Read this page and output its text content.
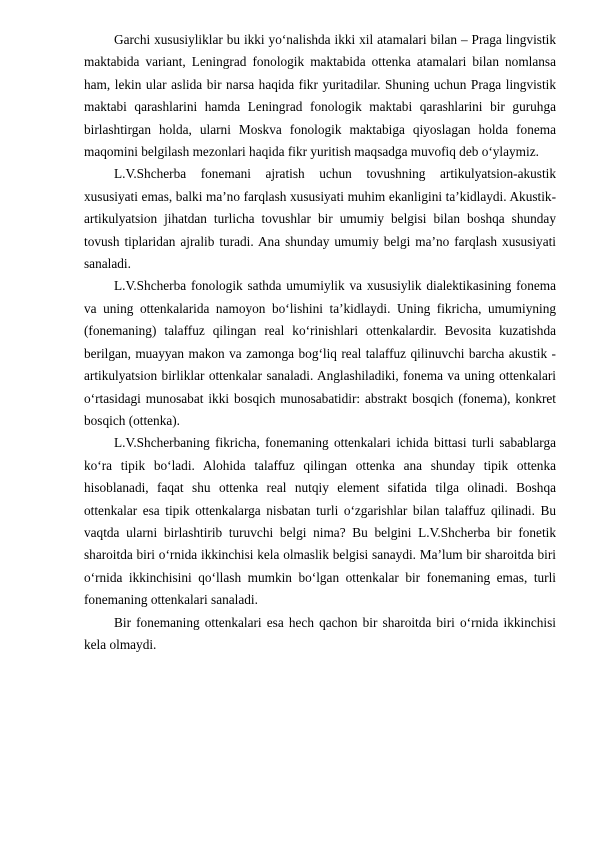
Garchi xususiyliklar bu ikki yo‘nalishda ikki xil atamalari bilan – Praga lingvistik maktabida variant, Leningrad fonologik maktabida ottenka atamalari bilan nomlansa ham, lekin ular aslida bir narsa haqida fikr yuritadilar. Shuning uchun Praga lingvistik maktabi qarashlarini hamda Leningrad fonologik maktabi qarashlarini bir guruhga birlashtirgan holda, ularni Moskva fonologik maktabiga qiyoslagan holda fonema maqomini belgilash mezonlari haqida fikr yuritish maqsadga muvofiq deb o‘ylaymiz.

L.V.Shcherba fonemani ajratish uchun tovushning artikulyatsion-akustik xususiyati emas, balki ma’no farqlash xususiyati muhim ekanligini ta’kidlaydi. Akustik-artikulyatsion jihatdan turlicha tovushlar bir umumiy belgisi bilan boshqa shunday tovush tiplaridan ajralib turadi. Ana shunday umumiy belgi ma’no farqlash xususiyati sanaladi.

L.V.Shcherba fonologik sathda umumiylik va xususiylik dialektikasining fonema va uning ottenkalarida namoyon bo‘lishini ta’kidlaydi. Uning fikricha, umumiyning (fonemaning) talaffuz qilingan real ko‘rinishlari ottenkalardir. Bevosita kuzatishda berilgan, muayyan makon va zamonga bog‘liq real talaffuz qilinuvchi barcha akustik - artikulyatsion birliklar ottenkalar sanaladi. Anglashiladiki, fonema va uning ottenkalari o‘rtasidagi munosabat ikki bosqich munosabatidir: abstrakt bosqich (fonema), konkret bosqich (ottenka).

L.V.Shcherbaning fikricha, fonemaning ottenkalari ichida bittasi turli sabablarga ko‘ra tipik bo‘ladi. Alohida talaffuz qilingan ottenka ana shunday tipik ottenka hisoblanadi, faqat shu ottenka real nutqiy element sifatida tilga olinadi. Boshqa ottenkalar esa tipik ottenkalarga nisbatan turli o‘zgarishlar bilan talaffuz qilinadi. Bu vaqtda ularni birlashtirib turuvchi belgi nima? Bu belgini L.V.Shcherba bir fonetik sharoitda biri o‘rnida ikkinchisi kela olmaslik belgisi sanaydi. Ma’lum bir sharoitda biri o‘rnida ikkinchisini qo‘llash mumkin bo‘lgan ottenkalar bir fonemaning emas, turli fonemaning ottenkalari sanaladi.

Bir fonemaning ottenkalari esa hech qachon bir sharoitda biri o‘rnida ikkinchisi kela olmaydi.
